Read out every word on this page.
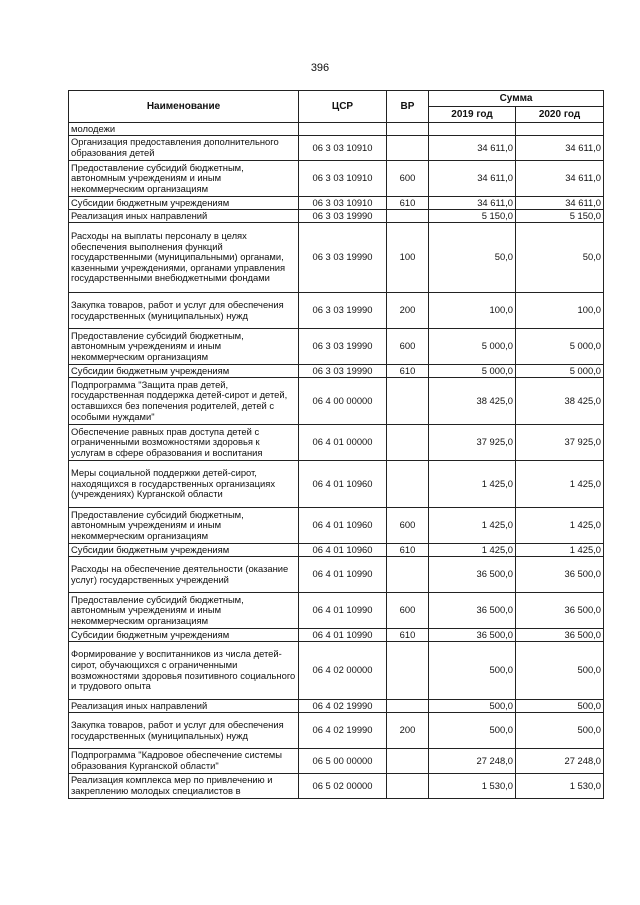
396
Наименование	ЦСР	ВР	Сумма	
			2019 год	2020 год
молодежи				
Организация предоставления дополнительного образования детей	06 3 03 10910		34 611,0	34 611,0
Предоставление субсидий бюджетным, автономным учреждениям и иным некоммерческим организациям	06 3 03 10910	600	34 611,0	34 611,0
Субсидии бюджетным учреждениям	06 3 03 10910	610	34 611,0	34 611,0
Реализация иных направлений	06 3 03 19990		5 150,0	5 150,0
Расходы на выплаты персоналу в целях обеспечения выполнения функций государственными (муниципальными) органами, казенными учреждениями, органами управления государственными внебюджетными фондами	06 3 03 19990	100	50,0	50,0
Закупка товаров, работ и услуг для обеспечения государственных (муниципальных) нужд	06 3 03 19990	200	100,0	100,0
Предоставление субсидий бюджетным, автономным учреждениям и иным некоммерческим организациям	06 3 03 19990	600	5 000,0	5 000,0
Субсидии бюджетным учреждениям	06 3 03 19990	610	5 000,0	5 000,0
Подпрограмма "Защита прав детей, государственная поддержка детей-сирот и детей, оставшихся без попечения родителей, детей с особыми нуждами"	06 4 00 00000		38 425,0	38 425,0
Обеспечение равных прав доступа детей с ограниченными возможностями здоровья к услугам в сфере образования и воспитания	06 4 01 00000		37 925,0	37 925,0
Меры социальной поддержки детей-сирот, находящихся в государственных организациях (учреждениях) Курганской области	06 4 01 10960		1 425,0	1 425,0
Предоставление субсидий бюджетным, автономным учреждениям и иным некоммерческим организациям	06 4 01 10960	600	1 425,0	1 425,0
Субсидии бюджетным учреждениям	06 4 01 10960	610	1 425,0	1 425,0
Расходы на обеспечение деятельности (оказание услуг) государственных учреждений	06 4 01 10990		36 500,0	36 500,0
Предоставление субсидий бюджетным, автономным учреждениям и иным некоммерческим организациям	06 4 01 10990	600	36 500,0	36 500,0
Субсидии бюджетным учреждениям	06 4 01 10990	610	36 500,0	36 500,0
Формирование у воспитанников из числа детей-сирот, обучающихся с ограниченными возможностями здоровья позитивного социального и трудового опыта	06 4 02 00000		500,0	500,0
Реализация иных направлений	06 4 02 19990		500,0	500,0
Закупка товаров, работ и услуг для обеспечения государственных (муниципальных) нужд	06 4 02 19990	200	500,0	500,0
Подпрограмма "Кадровое обеспечение системы образования Курганской области"	06 5 00 00000		27 248,0	27 248,0
Реализация комплекса мер по привлечению и закреплению молодых специалистов в	06 5 02 00000		1 530,0	1 530,0
